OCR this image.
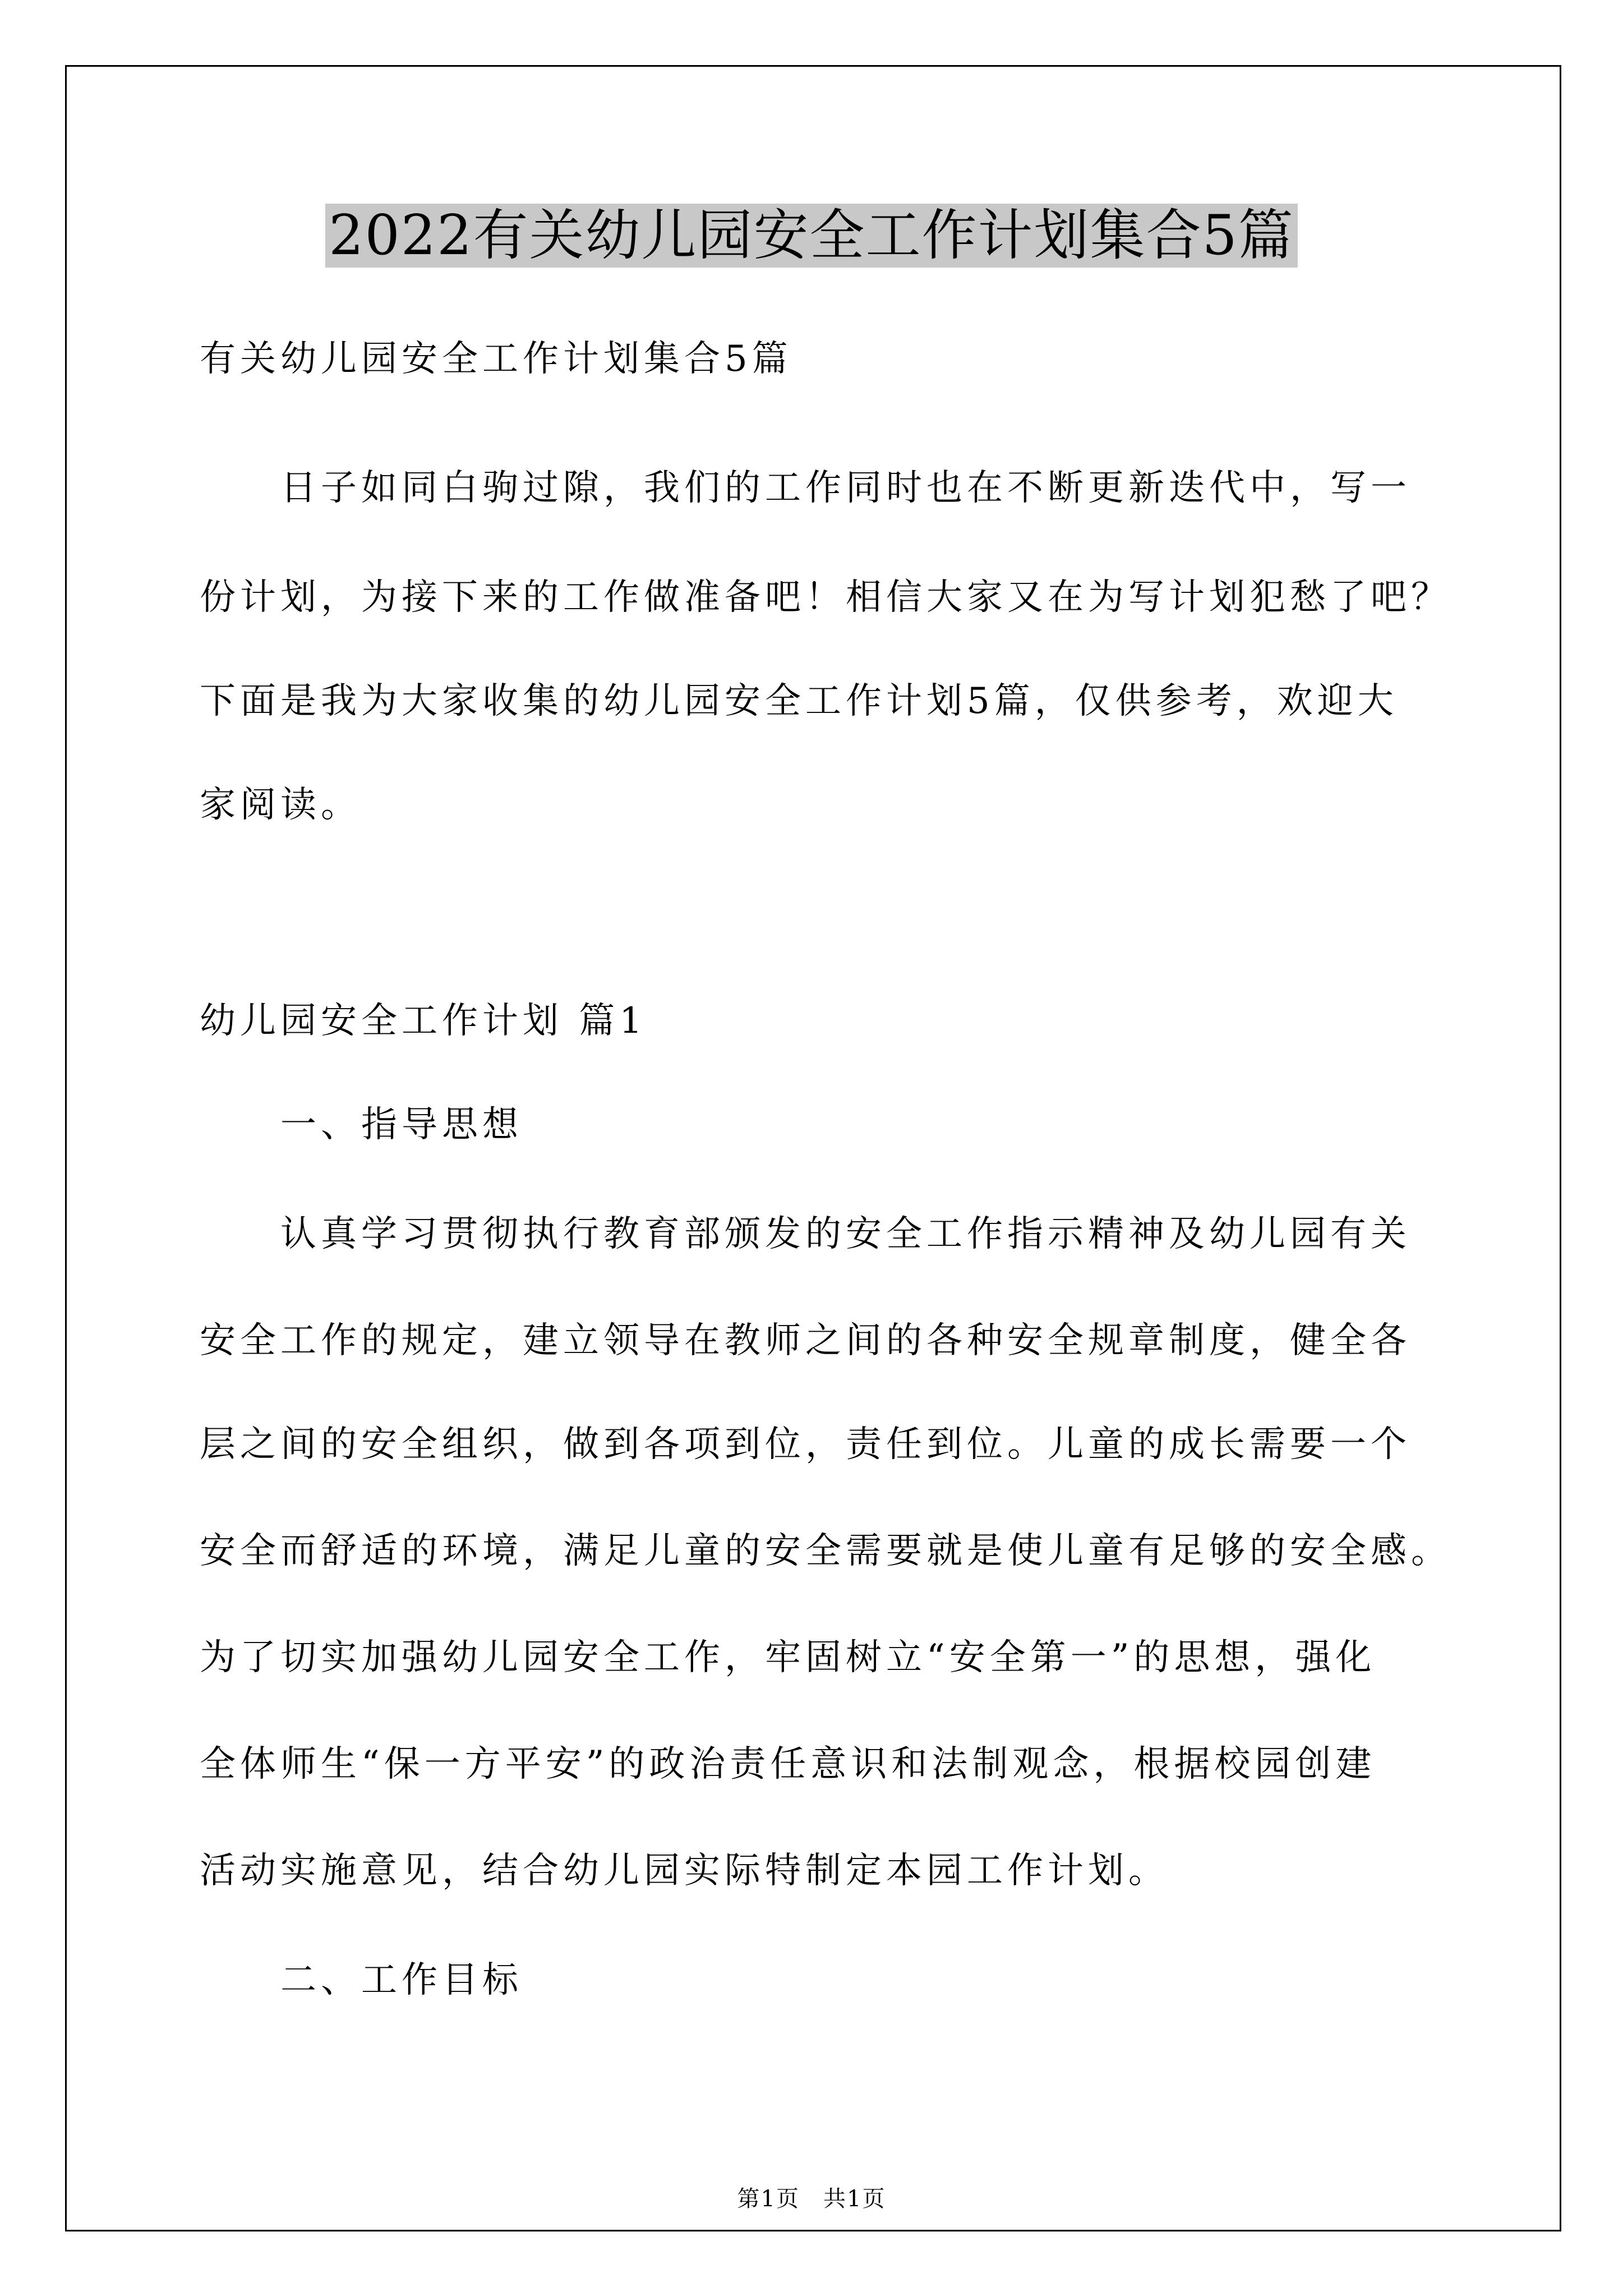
2022有关幼儿园安全工作计划集合5篇
有关幼儿园安全工作计划集合5篇
日子如同白驹过隙，我们的工作同时也在不断更新迭代中，写一
份计划，为接下来的工作做准备吧！相信大家又在为写计划犯愁了吧？
下面是我为大家收集的幼儿园安全工作计划5篇，仅供参考，欢迎大
家阅读。
幼儿园安全工作计划 篇1
一、指导思想
认真学习贯彻执行教育部颁发的安全工作指示精神及幼儿园有关
安全工作的规定，建立领导在教师之间的各种安全规章制度，健全各
层之间的安全组织，做到各项到位，责任到位。儿童的成长需要一个
安全而舒适的环境，满足儿童的安全需要就是使儿童有足够的安全感。
为了切实加强幼儿园安全工作，牢固树立“安全第一”的思想，强化
全体师生“保一方平安”的政治责任意识和法制观念，根据校园创建
活动实施意见，结合幼儿园实际特制定本园工作计划。
二、工作目标
第1页　共1页
